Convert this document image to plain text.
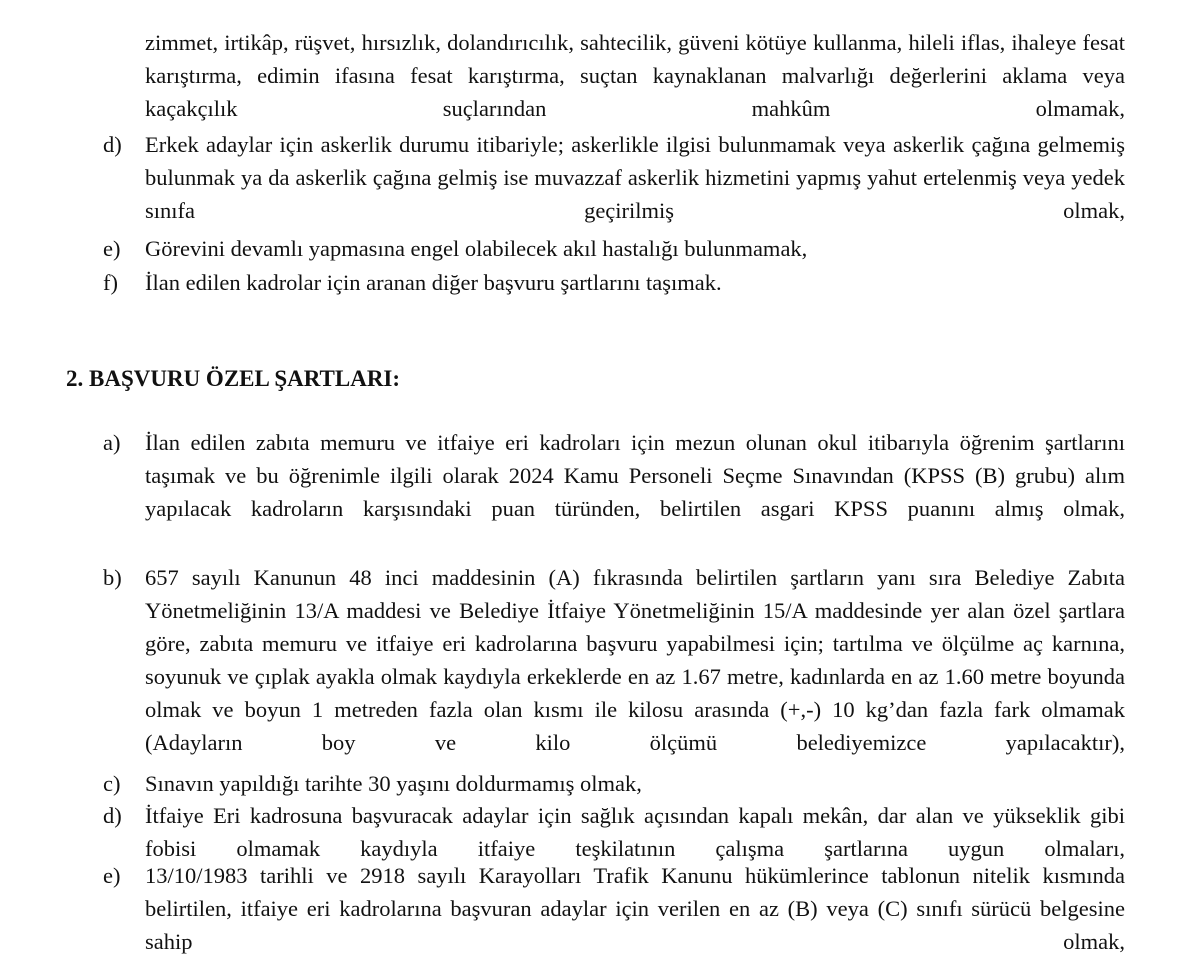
zimmet, irtikâp, rüşvet, hırsızlık, dolandırıcılık, sahtecilik, güveni kötüye kullanma, hileli iflas, ihaleye fesat karıştırma, edimin ifasına fesat karıştırma, suçtan kaynaklanan malvarlığı değerlerini aklama veya kaçakçılık suçlarından mahkûm olmamak,
d)	Erkek adaylar için askerlik durumu itibariyle; askerlikle ilgisi bulunmamak veya askerlik çağına gelmemiş bulunmak ya da askerlik çağına gelmiş ise muvazzaf askerlik hizmetini yapmış yahut ertelenmiş veya yedek sınıfa geçirilmiş olmak,
e)	Görevini devamlı yapmasına engel olabilecek akıl hastalığı bulunmamak,
f)	İlan edilen kadrolar için aranan diğer başvuru şartlarını taşımak.
2. BAŞVURU ÖZEL ŞARTLARI:
a)	İlan edilen zabıta memuru ve itfaiye eri kadroları için mezun olunan okul itibarıyla öğrenim şartlarını taşımak ve bu öğrenimle ilgili olarak 2024 Kamu Personeli Seçme Sınavından (KPSS (B) grubu) alım yapılacak kadroların karşısındaki puan türünden, belirtilen asgari KPSS puanını almış olmak,
b)	657 sayılı Kanunun 48 inci maddesinin (A) fıkrasında belirtilen şartların yanı sıra Belediye Zabıta Yönetmeliğinin 13/A maddesi ve Belediye İtfaiye Yönetmeliğinin 15/A maddesinde yer alan özel şartlara göre, zabıta memuru ve itfaiye eri kadrolarına başvuru yapabilmesi için; tartılma ve ölçülme aç karnına, soyunuk ve çıplak ayakla olmak kaydıyla erkeklerde en az 1.67 metre, kadınlarda en az 1.60 metre boyunda olmak ve boyun 1 metreden fazla olan kısmı ile kilosu arasında (+,-) 10 kg’dan fazla fark olmamak (Adayların boy ve kilo ölçümü belediyemizce yapılacaktır),
c)	Sınavın yapıldığı tarihte 30 yaşını doldurmamış olmak,
d)	İtfaiye Eri kadrosuna başvuracak adaylar için sağlık açısından kapalı mekân, dar alan ve yükseklik gibi fobisi olmamak kaydıyla itfaiye teşkilatının çalışma şartlarına uygun olmaları,
e)	13/10/1983 tarihli ve 2918 sayılı Karayolları Trafik Kanunu hükümlerince tablonun nitelik kısmında belirtilen, itfaiye eri kadrolarına başvuran adaylar için verilen en az (B) veya (C) sınıfı sürücü belgesine sahip olmak,
